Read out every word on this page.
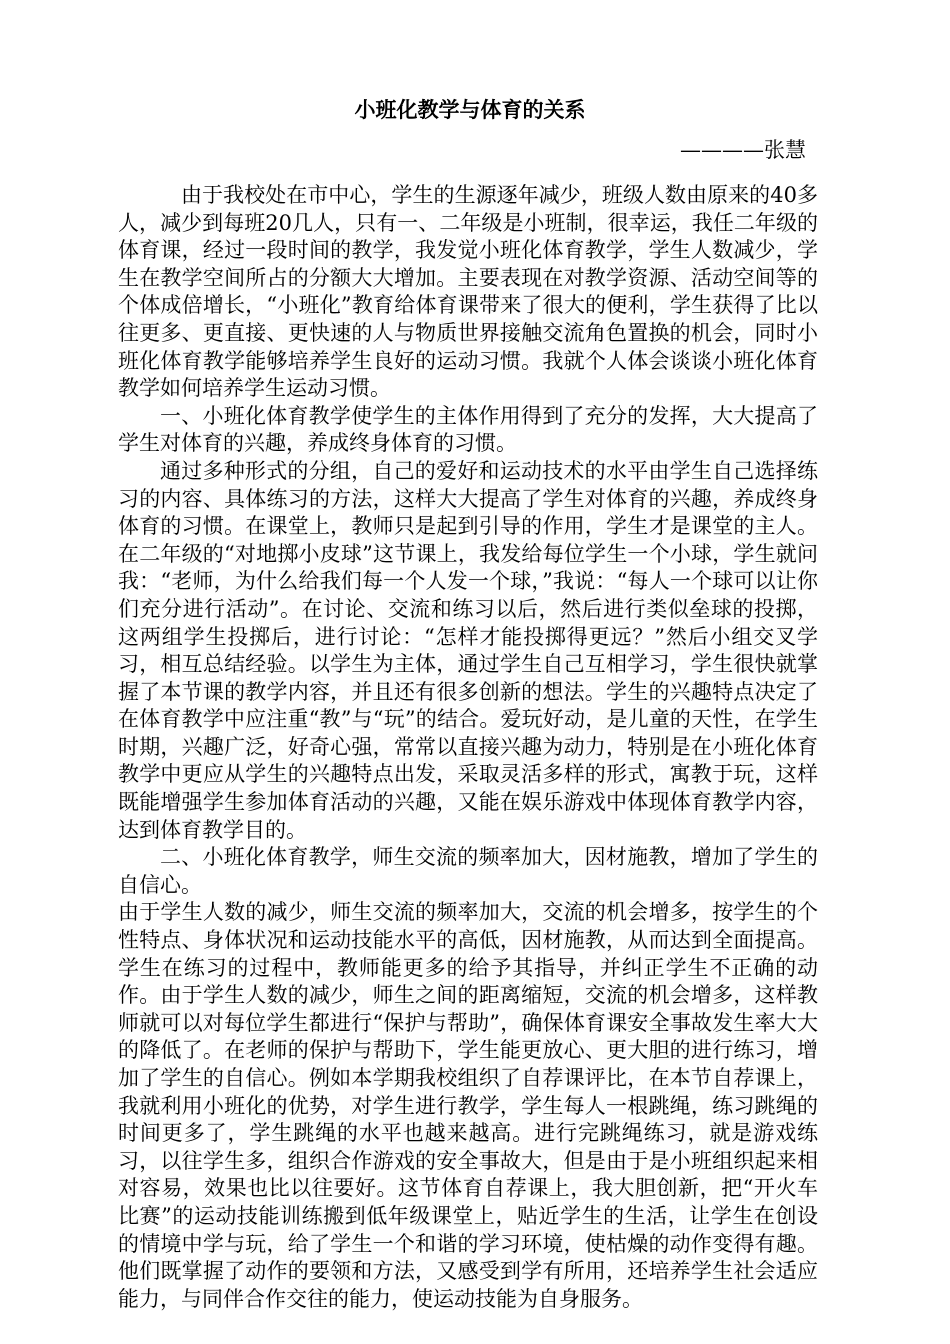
小班化教学与体育的关系

————张慧

由于我校处在市中心，学生的生源逐年减少，班级人数由原来的40多人，减少到每班20几人，只有一、二年级是小班制，很幸运，我任二年级的体育课，经过一段时间的教学，我发觉小班化体育教学，学生人数减少，学生在教学空间所占的分额大大增加。主要表现在对教学资源、活动空间等的个体成倍增长，“小班化”教育给体育课带来了很大的便利，学生获得了比以往更多、更直接、更快速的人与物质世界接触交流角色置换的机会，同时小班化体育教学能够培养学生良好的运动习惯。我就个人体会谈谈小班化体育教学如何培养学生运动习惯。

一、小班化体育教学使学生的主体作用得到了充分的发挥，大大提高了学生对体育的兴趣，养成终身体育的习惯。

通过多种形式的分组，自己的爱好和运动技术的水平由学生自己选择练习的内容、具体练习的方法，这样大大提高了学生对体育的兴趣，养成终身体育的习惯。在课堂上，教师只是起到引导的作用，学生才是课堂的主人。在二年级的“对地掷小皮球”这节课上，我发给每位学生一个小球，学生就问我：“老师，为什么给我们每一个人发一个球，”我说：“每人一个球可以让你们充分进行活动”。在讨论、交流和练习以后，然后进行类似垒球的投掷，这两组学生投掷后，进行讨论：“怎样才能投掷得更远？”然后小组交叉学习，相互总结经验。以学生为主体，通过学生自己互相学习，学生很快就掌握了本节课的教学内容，并且还有很多创新的想法。学生的兴趣特点决定了在体育教学中应注重“教”与“玩”的结合。爱玩好动，是儿童的天性，在学生时期，兴趣广泛，好奇心强，常常以直接兴趣为动力，特别是在小班化体育教学中更应从学生的兴趣特点出发，采取灵活多样的形式，寓教于玩，这样既能增强学生参加体育活动的兴趣，又能在娱乐游戏中体现体育教学内容，达到体育教学目的。

二、小班化体育教学，师生交流的频率加大，因材施教，增加了学生的自信心。

由于学生人数的减少，师生交流的频率加大，交流的机会增多，按学生的个性特点、身体状况和运动技能水平的高低，因材施教，从而达到全面提高。学生在练习的过程中，教师能更多的给予其指导，并纠正学生不正确的动作。由于学生人数的减少，师生之间的距离缩短，交流的机会增多，这样教师就可以对每位学生都进行“保护与帮助”，确保体育课安全事故发生率大大的降低了。在老师的保护与帮助下，学生能更放心、更大胆的进行练习，增加了学生的自信心。例如本学期我校组织了自荐课评比，在本节自荐课上，我就利用小班化的优势，对学生进行教学，学生每人一根跳绳，练习跳绳的时间更多了，学生跳绳的水平也越来越高。进行完跳绳练习，就是游戏练习，以往学生多，组织合作游戏的安全事故大，但是由于是小班组织起来相对容易，效果也比以往要好。这节体育自荐课上，我大胆创新，把“开火车比赛”的运动技能训练搬到低年级课堂上，贴近学生的生活，让学生在创设的情境中学与玩，给了学生一个和谐的学习环境，使枯燥的动作变得有趣。他们既掌握了动作的要领和方法，又感受到学有所用，还培养学生社会适应能力，与同伴合作交往的能力，使运动技能为自身服务。
